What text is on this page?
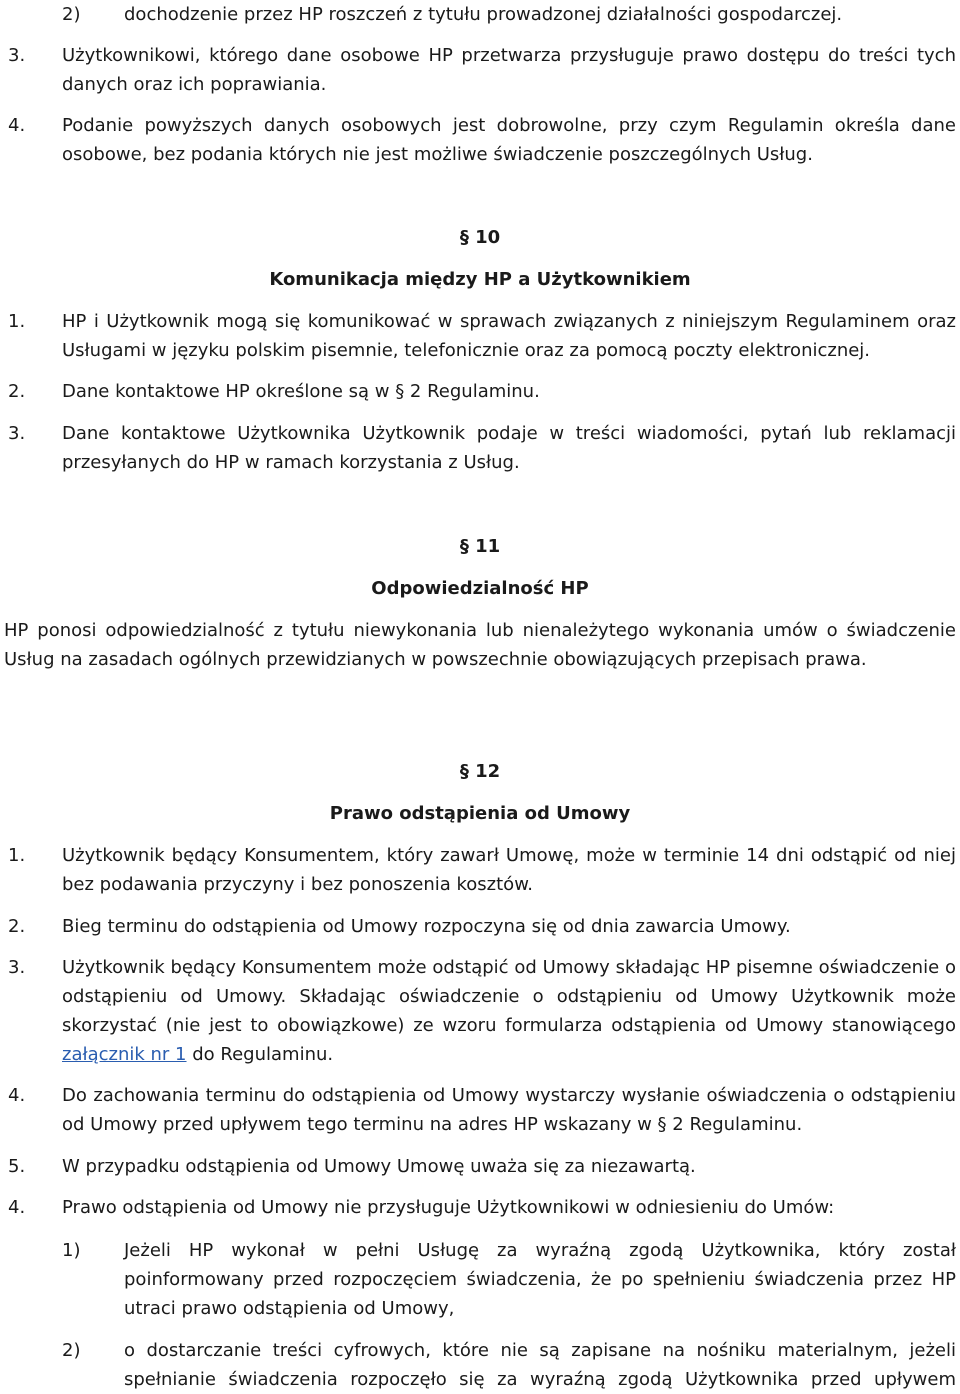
2) dochodzenie przez HP roszczeń z tytułu prowadzonej działalności gospodarczej.
3. Użytkownikowi, którego dane osobowe HP przetwarza przysługuje prawo dostępu do treści tych danych oraz ich poprawiania.
4. Podanie powyższych danych osobowych jest dobrowolne, przy czym Regulamin określa dane osobowe, bez podania których nie jest możliwe świadczenie poszczególnych Usług.
§ 10
Komunikacja między HP a Użytkownikiem
1. HP i Użytkownik mogą się komunikować w sprawach związanych z niniejszym Regulaminem oraz Usługami w języku polskim pisemnie, telefonicznie oraz za pomocą poczty elektronicznej.
2. Dane kontaktowe HP określone są w § 2 Regulaminu.
3. Dane kontaktowe Użytkownika Użytkownik podaje w treści wiadomości, pytań lub reklamacji przesyłanych do HP w ramach korzystania z Usług.
§ 11
Odpowiedzialność HP
HP ponosi odpowiedzialność z tytułu niewykonania lub nienależytego wykonania umów o świadczenie Usług na zasadach ogólnych przewidzianych w powszechnie obowiązujących przepisach prawa.
§ 12
Prawo odstąpienia od Umowy
1. Użytkownik będący Konsumentem, który zawarł Umowę, może w terminie 14 dni odstąpić od niej bez podawania przyczyny i bez ponoszenia kosztów.
2. Bieg terminu do odstąpienia od Umowy rozpoczyna się od dnia zawarcia Umowy.
3. Użytkownik będący Konsumentem może odstąpić od Umowy składając HP pisemne oświadczenie o odstąpieniu od Umowy. Składając oświadczenie o odstąpieniu od Umowy Użytkownik może skorzystać (nie jest to obowiązkowe) ze wzoru formularza odstąpienia od Umowy stanowiącego załącznik nr 1 do Regulaminu.
4. Do zachowania terminu do odstąpienia od Umowy wystarczy wysłanie oświadczenia o odstąpieniu od Umowy przed upływem tego terminu na adres HP wskazany w § 2 Regulaminu.
5. W przypadku odstąpienia od Umowy Umowę uważa się za niezawartą.
4. Prawo odstąpienia od Umowy nie przysługuje Użytkownikowi w odniesieniu do Umów:
1) Jeżeli HP wykonał w pełni Usługę za wyraźną zgodą Użytkownika, który został poinformowany przed rozpoczęciem świadczenia, że po spełnieniu świadczenia przez HP utraci prawo odstąpienia od Umowy,
2) o dostarczanie treści cyfrowych, które nie są zapisane na nośniku materialnym, jeżeli spełnianie świadczenia rozpoczęło się za wyraźną zgodą Użytkownika przed upływem
